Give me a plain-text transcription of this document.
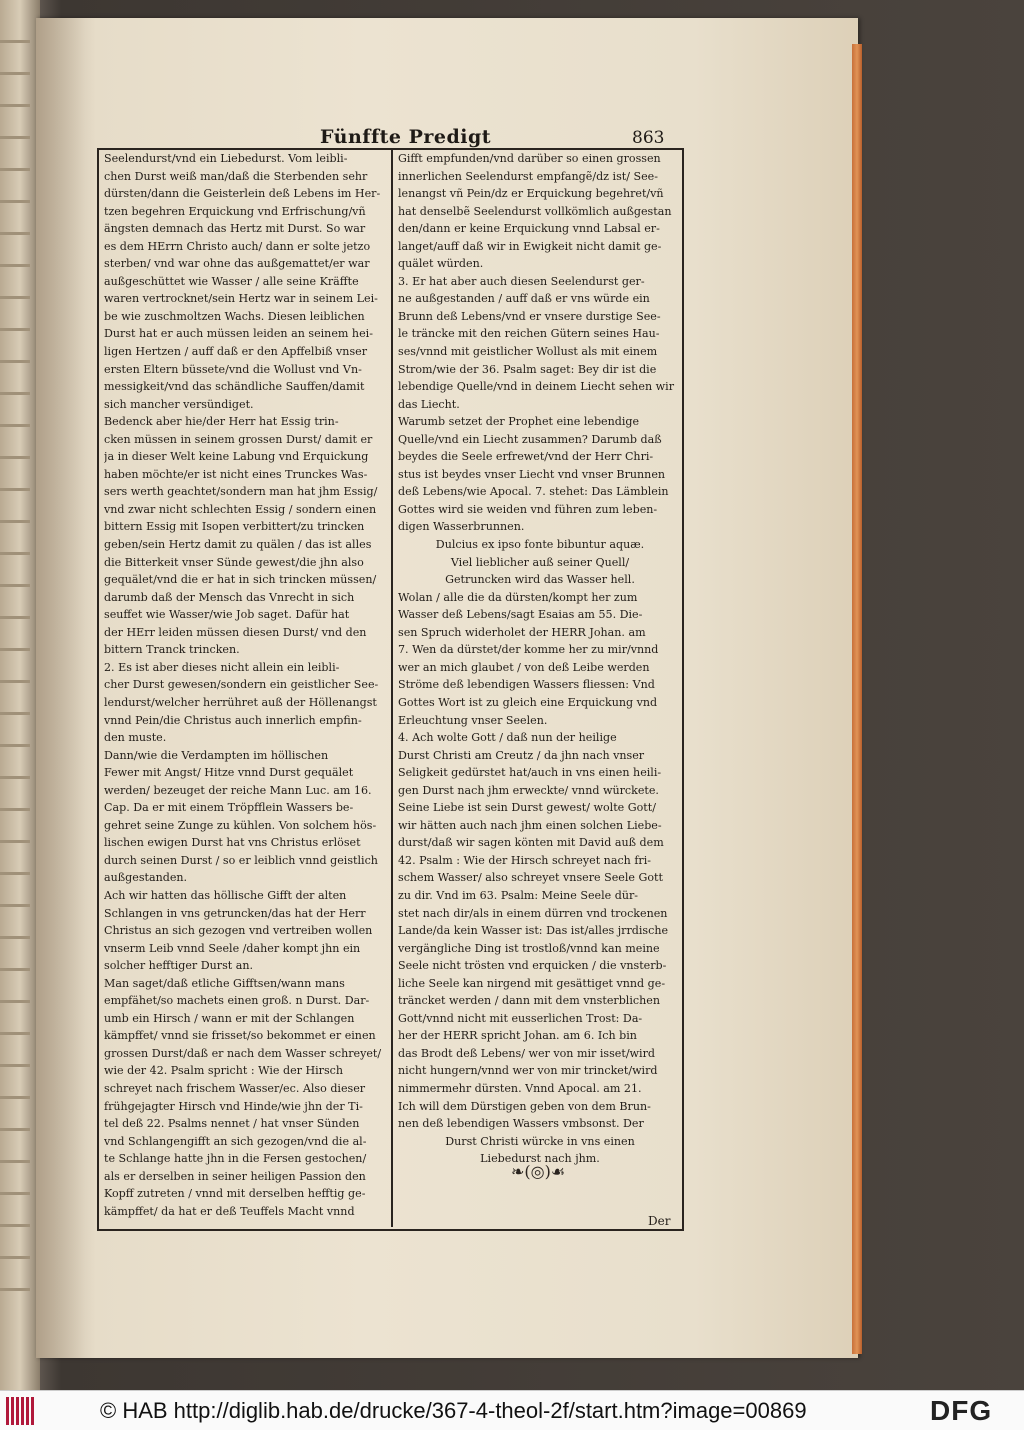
Fünffte Predigt	863
Seelendurst/vnd ein Liebedurst. Vom leibli-
chen Durst weiß man/daß die Sterbenden sehr
dürsten/dann die Geisterlein deß Lebens im Her-
tzen begehren Erquickung vnd Erfrischung/vñ
ängsten demnach das Hertz mit Durst. So war
es dem HErrn Christo auch/ dann er solte jetzo
sterben/ vnd war ohne das außgemattet/er war
außgeschüttet wie Wasser / alle seine Kräffte
waren vertrocknet/sein Hertz war in seinem Lei-
be wie zuschmoltzen Wachs. Diesen leiblichen
Durst hat er auch müssen leiden an seinem hei-
ligen Hertzen / auff daß er den Apffelbiß vnser
ersten Eltern büssete/vnd die Wollust vnd Vn-
messigkeit/vnd das schändliche Sauffen/damit
sich mancher versündiget.
Bedenck aber hie/der Herr hat Essig trin-
cken müssen in seinem grossen Durst/ damit er
ja in dieser Welt keine Labung vnd Erquickung
haben möchte/er ist nicht eines Trunckes Was-
sers werth geachtet/sondern man hat jhm Essig/
vnd zwar nicht schlechten Essig / sondern einen
bittern Essig mit Isopen verbittert/zu trincken
geben/sein Hertz damit zu quälen / das ist alles
die Bitterkeit vnser Sünde gewest/die jhn also
gequälet/vnd die er hat in sich trincken müssen/
darumb daß der Mensch das Vnrecht in sich
seuffet wie Wasser/wie Job saget. Dafür hat
der HErr leiden müssen diesen Durst/ vnd den
bittern Tranck trincken.
2. Es ist aber dieses nicht allein ein leibli-
cher Durst gewesen/sondern ein geistlicher See-
lendurst/welcher herrühret auß der Höllenangst
vnnd Pein/die Christus auch innerlich empfin-
den muste.
Dann/wie die Verdampten im höllischen
Fewer mit Angst/ Hitze vnnd Durst gequälet
werden/ bezeuget der reiche Mann Luc. am 16.
Cap. Da er mit einem Tröpfflein Wassers be-
gehret seine Zunge zu kühlen. Von solchem hös-
lischen ewigen Durst hat vns Christus erlöset
durch seinen Durst / so er leiblich vnnd geistlich
außgestanden.
Ach wir hatten das höllische Gifft der alten
Schlangen in vns getruncken/das hat der Herr
Christus an sich gezogen vnd vertreiben wollen
vnserm Leib vnnd Seele /daher kompt jhn ein
solcher hefftiger Durst an.
Man saget/daß etliche Gifftsen/wann mans
empfähet/so machets einen groß. n Durst. Dar-
umb ein Hirsch / wann er mit der Schlangen
kämpffet/ vnnd sie frisset/so bekommet er einen
grossen Durst/daß er nach dem Wasser schreyet/
wie der 42. Psalm spricht : Wie der Hirsch
schreyet nach frischem Wasser/ec. Also dieser
frühgejagter Hirsch vnd Hinde/wie jhn der Ti-
tel deß 22. Psalms nennet / hat vnser Sünden
vnd Schlangengifft an sich gezogen/vnd die al-
te Schlange hatte jhn in die Fersen gestochen/
als er derselben in seiner heiligen Passion den
Kopff zutreten / vnnd mit derselben hefftig ge-
kämpffet/ da hat er deß Teuffels Macht vnnd
Gifft empfunden/vnd darüber so einen grossen
innerlichen Seelendurst empfangẽ/dz ist/ See-
lenangst vñ Pein/dz er Erquickung begehret/vñ
hat denselbẽ Seelendurst vollkömlich außgestan
den/dann er keine Erquickung vnnd Labsal er-
langet/auff daß wir in Ewigkeit nicht damit ge-
quälet würden.
3. Er hat aber auch diesen Seelendurst ger-
ne außgestanden / auff daß er vns würde ein
Brunn deß Lebens/vnd er vnsere durstige See-
le träncke mit den reichen Gütern seines Hau-
ses/vnnd mit geistlicher Wollust als mit einem
Strom/wie der 36. Psalm saget: Bey dir ist die
lebendige Quelle/vnd in deinem Liecht sehen wir
das Liecht.
Warumb setzet der Prophet eine lebendige
Quelle/vnd ein Liecht zusammen? Darumb daß
beydes die Seele erfrewet/vnd der Herr Chri-
stus ist beydes vnser Liecht vnd vnser Brunnen
deß Lebens/wie Apocal. 7. stehet: Das Lämblein
Gottes wird sie weiden vnd führen zum leben-
digen Wasserbrunnen.
Dulcius ex ipso fonte bibuntur aquæ.
Viel lieblicher auß seiner Quell/
Getruncken wird das Wasser hell.
Wolan / alle die da dürsten/kompt her zum
Wasser deß Lebens/sagt Esaias am 55. Die-
sen Spruch widerholet der HERR Johan. am
7. Wen da dürstet/der komme her zu mir/vnnd
wer an mich glaubet / von deß Leibe werden
Ströme deß lebendigen Wassers fliessen: Vnd
Gottes Wort ist zu gleich eine Erquickung vnd
Erleuchtung vnser Seelen.
4. Ach wolte Gott / daß nun der heilige
Durst Christi am Creutz / da jhn nach vnser
Seligkeit gedürstet hat/auch in vns einen heili-
gen Durst nach jhm erweckte/ vnnd würckete.
Seine Liebe ist sein Durst gewest/ wolte Gott/
wir hätten auch nach jhm einen solchen Liebe-
durst/daß wir sagen könten mit David auß dem
42. Psalm : Wie der Hirsch schreyet nach fri-
schem Wasser/ also schreyet vnsere Seele Gott
zu dir. Vnd im 63. Psalm: Meine Seele dür-
stet nach dir/als in einem dürren vnd trockenen
Lande/da kein Wasser ist: Das ist/alles jrrdische
vergängliche Ding ist trostloß/vnnd kan meine
Seele nicht trösten vnd erquicken / die vnsterb-
liche Seele kan nirgend mit gesättiget vnnd ge-
träncket werden / dann mit dem vnsterblichen
Gott/vnnd nicht mit eusserlichen Trost: Da-
her der HERR spricht Johan. am 6. Ich bin
das Brodt deß Lebens/ wer von mir isset/wird
nicht hungern/vnnd wer von mir trincket/wird
nimmermehr dürsten. Vnnd Apocal. am 21.
Ich will dem Dürstigen geben von dem Brun-
nen deß lebendigen Wassers vmbsonst. Der
Durst Christi würcke in vns einen
Liebedurst nach jhm.
❧(◎)☙
Der
© HAB http://diglib.hab.de/drucke/367-4-theol-2f/start.htm?image=00869	DFG
